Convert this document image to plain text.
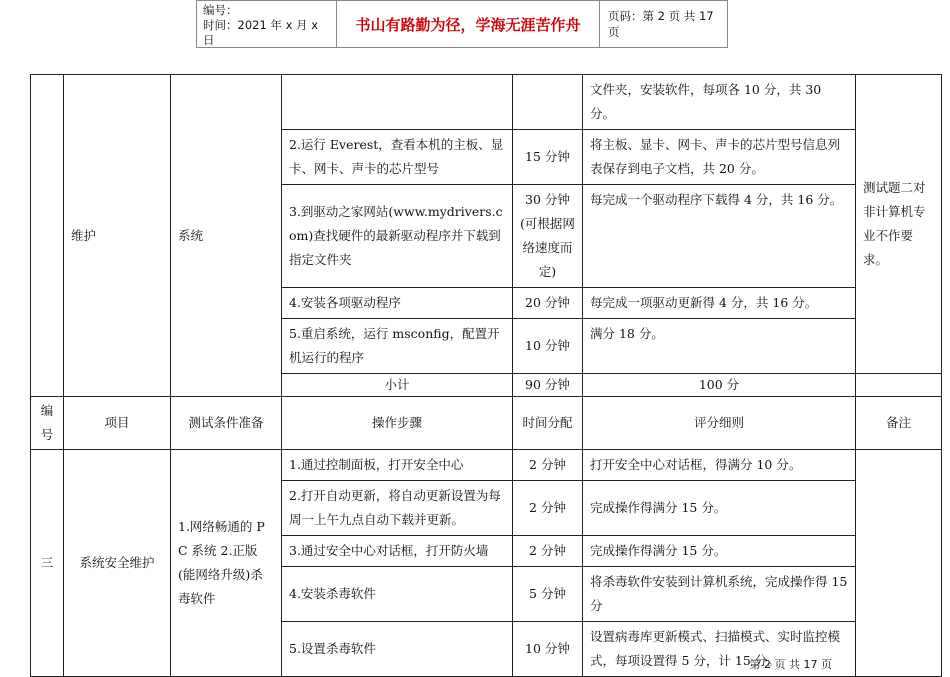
编号：
时间：2021 年 x 月 x 日
书山有路勤为径，学海无涯苦作舟	页码：第 2 页 共 17 页
	维护	系统			文件夹，安装软件，每项各 10 分，共 30 分。	测试题二对非计算机专业不作要求。
			2.运行 Everest，查看本机的主板、显卡、网卡、声卡的芯片型号	15 分钟	将主板、显卡、网卡、声卡的芯片型号信息列表保存到电子文档，共 20 分。	
			3.到驱动之家网站(www.mydrivers.com)查找硬件的最新驱动程序并下载到指定文件夹	30 分钟(可根据网络速度而定)	每完成一个驱动程序下载得 4 分，共 16 分。	
			4.安装各项驱动程序	20 分钟	每完成一项驱动更新得 4 分，共 16 分。	
			5.重启系统，运行 msconfig，配置开机运行的程序	10 分钟	满分 18 分。	
			小计	90 分钟	100 分	
编号	项目	测试条件准备	操作步骤	时间分配	评分细则	备注
三	系统安全维护	1.网络畅通的 PC 系统 2.正版(能网络升级)杀毒软件	1.通过控制面板，打开安全中心	2 分钟	打开安全中心对话框，得满分 10 分。	
			2.打开自动更新，将自动更新设置为每周一上午九点自动下载并更新。	2 分钟	完成操作得满分 15 分。	
			3.通过安全中心对话框，打开防火墙	2 分钟	完成操作得满分 15 分。	
			4.安装杀毒软件	5 分钟	将杀毒软件安装到计算机系统，完成操作得 15 分	
			5.设置杀毒软件	10 分钟	设置病毒库更新模式、扫描模式、实时监控模式，每项设置得 5 分，计 15 分。	
第 2 页 共 17 页
